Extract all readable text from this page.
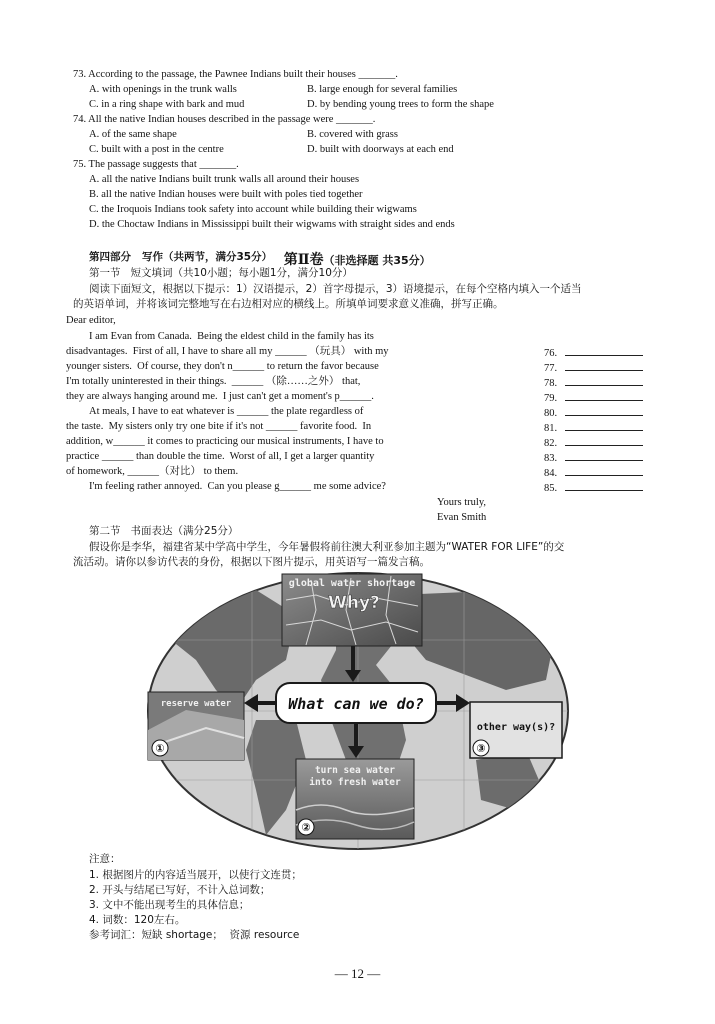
73. According to the passage, the Pawnee Indians built their houses _______.
A. with openings in the trunk walls	B. large enough for several families
C. in a ring shape with bark and mud	D. by bending young trees to form the shape
74. All the native Indian houses described in the passage were _______.
A. of the same shape	B. covered with grass
C. built with a post in the centre	D. built with doorways at each end
75. The passage suggests that _______.
A. all the native Indians built trunk walls all around their houses
B. all the native Indian houses were built with poles tied together
C. the Iroquois Indians took safety into account while building their wigwams
D. the Choctaw Indians in Mississippi built their wigwams with straight sides and ends

第Ⅱ卷（非选择题 共35分）

第四部分   写作（共两节，满分35分）
第一节   短文填词（共10小题；每小题1分，满分10分）
阅读下面短文，根据以下提示：1）汉语提示，2）首字母提示，3）语境提示，在每个空格内填入一个适当
的英语单词，并将该词完整地写在右边相对应的横线上。所填单词要求意义准确，拼写正确。
Dear editor,
I am Evan from Canada.  Being the eldest child in the family has its
disadvantages.  First of all, I have to share all my ______ （玩具） with my
younger sisters.  Of course, they don't n______ to return the favor because
I'm totally uninterested in their things.  ______ （除……之外） that,
they are always hanging around me.  I just can't get a moment's p______.
At meals, I have to eat whatever is ______ the plate regardless of
the taste.  My sisters only try one bite if it's not ______ favorite food.  In
addition, w______ it comes to practicing our musical instruments, I have to
practice ______ than double the time.  Worst of all, I get a larger quantity
of homework, ______（对比） to them.
I'm feeling rather annoyed.  Can you please g______ me some advice?
Yours truly,
Evan Smith
76.
77.
78.
79.
80.
81.
82.
83.
84.
85.
第二节   书面表达（满分25分）
假设你是李华，福建省某中学高中学生，今年暑假将前往澳大利亚参加主题为“WATER FOR LIFE”的交
流活动。请你以参访代表的身份，根据以下图片提示，用英语写一篇发言稿。
global water shortage
Why?
What can we do?
reserve water
①
turn sea water
into fresh water
②
other way(s)?
③
注意：
1. 根据图片的内容适当展开，以使行文连贯；
2. 开头与结尾已写好，不计入总词数；
3. 文中不能出现考生的具体信息；
4. 词数：120左右。
参考词汇：短缺 shortage；  资源 resource
— 12 —
